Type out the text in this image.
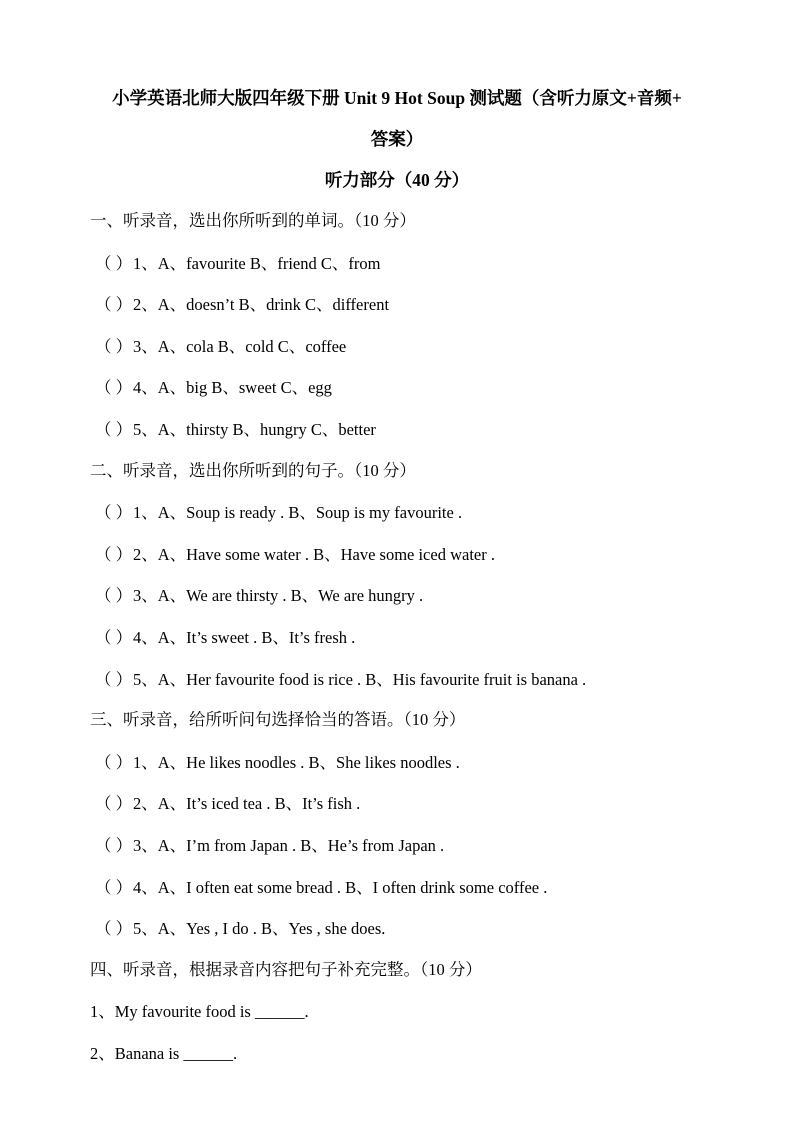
小学英语北师大版四年级下册 Unit 9 Hot Soup 测试题（含听力原文+音频+
答案）
听力部分（40 分）
一、听录音，选出你所听到的单词。（10 分）
（ ）1、A、favourite B、friend C、from
（ ）2、A、doesn’t B、drink C、different
（ ）3、A、cola B、cold C、coffee
（ ）4、A、big B、sweet C、egg
（ ）5、A、thirsty B、hungry C、better
二、听录音，选出你所听到的句子。（10 分）
（ ）1、A、Soup is ready . B、Soup is my favourite .
（ ）2、A、Have some water . B、Have some iced water .
（ ）3、A、We are thirsty . B、We are hungry .
（ ）4、A、It’s sweet . B、It’s fresh .
（ ）5、A、Her favourite food is rice . B、His favourite fruit is banana .
三、听录音，给所听问句选择恰当的答语。（10 分）
（ ）1、A、He likes noodles . B、She likes noodles .
（ ）2、A、It’s iced tea . B、It’s fish .
（ ）3、A、I’m from Japan . B、He’s from Japan .
（ ）4、A、I often eat some bread . B、I often drink some coffee .
（ ）5、A、Yes , I do . B、Yes , she does.
四、听录音，根据录音内容把句子补充完整。（10 分）
1、My favourite food is ______.
2、Banana is ______.
